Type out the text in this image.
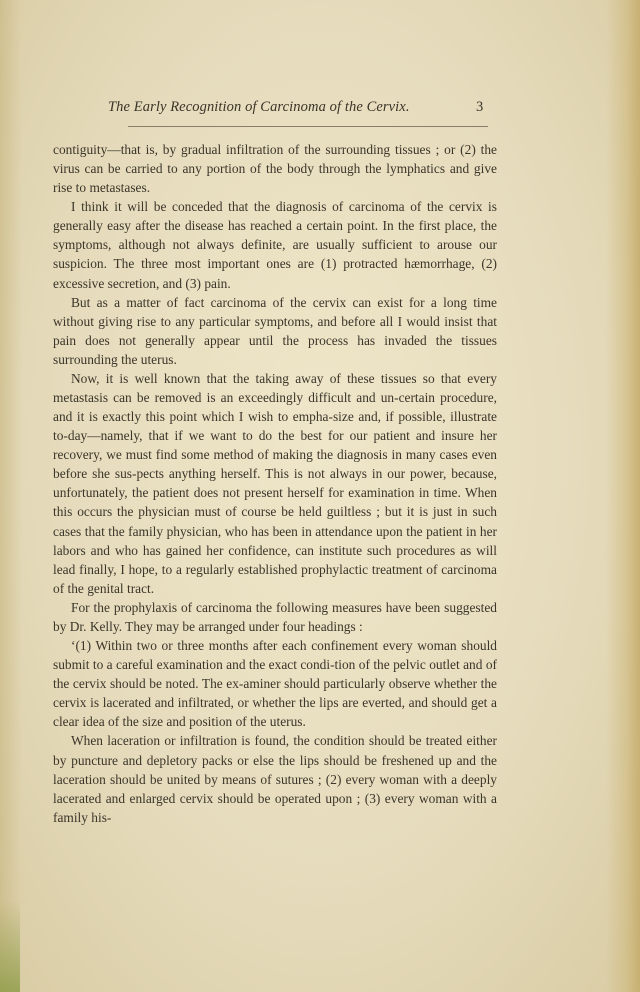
The Early Recognition of Carcinoma of the Cervix.	3

contiguity—that is, by gradual infiltration of the surrounding tissues ; or (2) the virus can be carried to any portion of the body through the lymphatics and give rise to metastases.

I think it will be conceded that the diagnosis of carcinoma of the cervix is generally easy after the disease has reached a certain point. In the first place, the symptoms, although not always definite, are usually sufficient to arouse our suspicion. The three most important ones are (1) protracted hæmorrhage, (2) excessive secretion, and (3) pain.

But as a matter of fact carcinoma of the cervix can exist for a long time without giving rise to any particular symptoms, and before all I would insist that pain does not generally appear until the process has invaded the tissues surrounding the uterus.

Now, it is well known that the taking away of these tissues so that every metastasis can be removed is an exceedingly difficult and un-certain procedure, and it is exactly this point which I wish to empha-size and, if possible, illustrate to-day—namely, that if we want to do the best for our patient and insure her recovery, we must find some method of making the diagnosis in many cases even before she sus-pects anything herself. This is not always in our power, because, unfortunately, the patient does not present herself for examination in time. When this occurs the physician must of course be held guiltless ; but it is just in such cases that the family physician, who has been in attendance upon the patient in her labors and who has gained her confidence, can institute such procedures as will lead finally, I hope, to a regularly established prophylactic treatment of carcinoma of the genital tract.

For the prophylaxis of carcinoma the following measures have been suggested by Dr. Kelly. They may be arranged under four headings :

‘(1) Within two or three months after each confinement every woman should submit to a careful examination and the exact condi-tion of the pelvic outlet and of the cervix should be noted. The ex-aminer should particularly observe whether the cervix is lacerated and infiltrated, or whether the lips are everted, and should get a clear idea of the size and position of the uterus.

When laceration or infiltration is found, the condition should be treated either by puncture and depletory packs or else the lips should be freshened up and the laceration should be united by means of sutures ; (2) every woman with a deeply lacerated and enlarged cervix should be operated upon ; (3) every woman with a family his-
